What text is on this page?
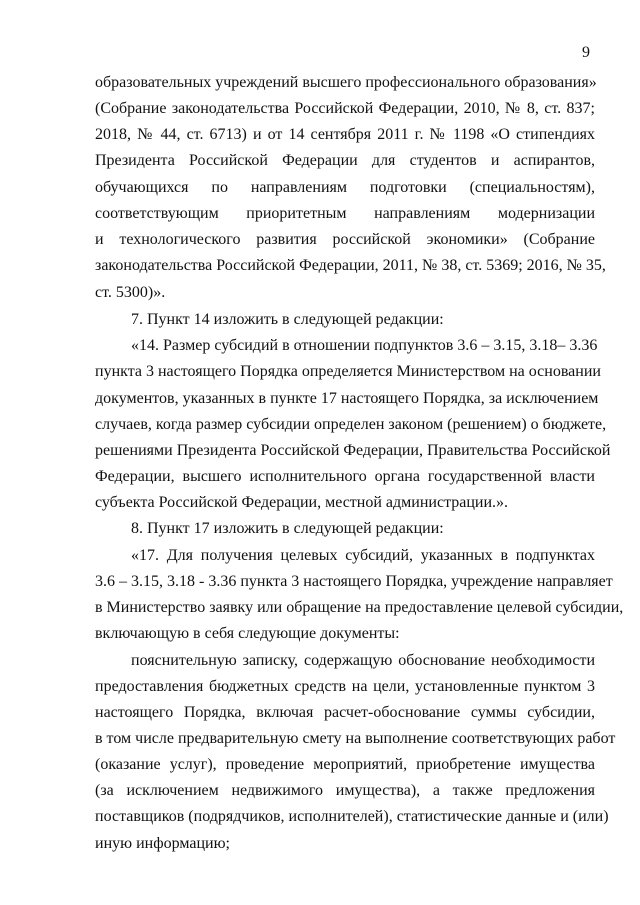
9
образовательных учреждений высшего профессионального образования»
(Собрание законодательства Российской Федерации, 2010, № 8, ст. 837;
2018, № 44, ст. 6713) и от 14 сентября 2011 г. № 1198 «О стипендиях
Президента Российской Федерации для студентов и аспирантов,
обучающихся по направлениям подготовки (специальностям),
соответствующим приоритетным направлениям модернизации
и технологического развития российской экономики» (Собрание
законодательства Российской Федерации, 2011, № 38, ст. 5369; 2016, № 35,
ст. 5300)».
7. Пункт 14 изложить в следующей редакции:
«14. Размер субсидий в отношении подпунктов 3.6 – 3.15, 3.18– 3.36
пункта 3 настоящего Порядка определяется Министерством на основании
документов, указанных в пункте 17 настоящего Порядка, за исключением
случаев, когда размер субсидии определен законом (решением) о бюджете,
решениями Президента Российской Федерации, Правительства Российской
Федерации, высшего исполнительного органа государственной власти
субъекта Российской Федерации, местной администрации.».
8. Пункт 17 изложить в следующей редакции:
«17. Для получения целевых субсидий, указанных в подпунктах
3.6 – 3.15, 3.18 - 3.36 пункта 3 настоящего Порядка, учреждение направляет
в Министерство заявку или обращение на предоставление целевой субсидии,
включающую в себя следующие документы:
пояснительную записку, содержащую обоснование необходимости
предоставления бюджетных средств на цели, установленные пунктом 3
настоящего Порядка, включая расчет-обоснование суммы субсидии,
в том числе предварительную смету на выполнение соответствующих работ
(оказание услуг), проведение мероприятий, приобретение имущества
(за исключением недвижимого имущества), а также предложения
поставщиков (подрядчиков, исполнителей), статистические данные и (или)
иную информацию;
